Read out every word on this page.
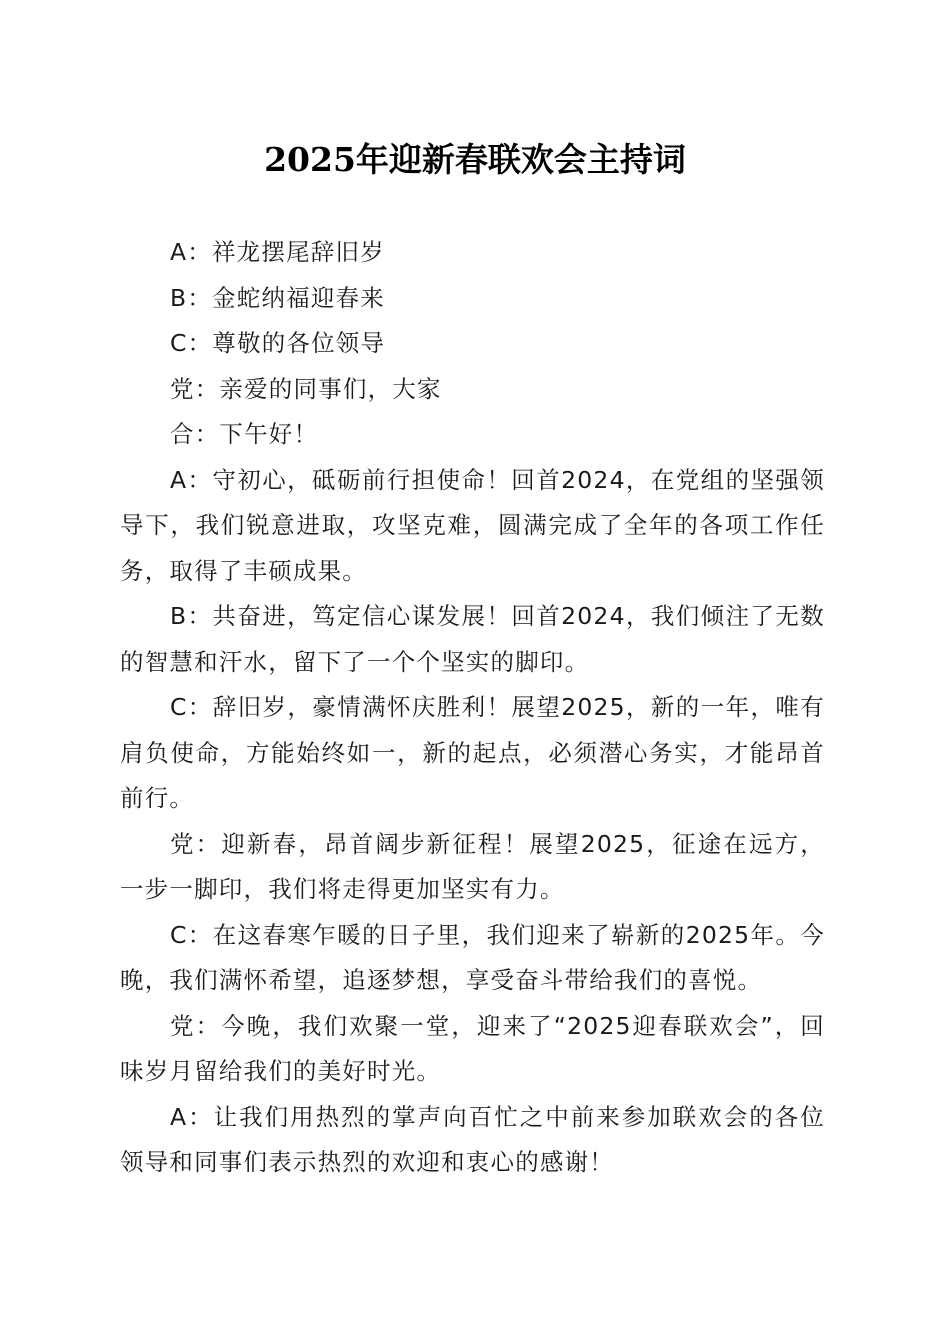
2025年迎新春联欢会主持词

A：祥龙摆尾辞旧岁

B：金蛇纳福迎春来

C：尊敬的各位领导

党：亲爱的同事们，大家

合：下午好！

A：守初心，砥砺前行担使命！回首2024，在党组的坚强领导下，我们锐意进取，攻坚克难，圆满完成了全年的各项工作任务，取得了丰硕成果。

B：共奋进，笃定信心谋发展！回首2024，我们倾注了无数的智慧和汗水，留下了一个个坚实的脚印。

C：辞旧岁，豪情满怀庆胜利！展望2025，新的一年，唯有肩负使命，方能始终如一，新的起点，必须潜心务实，才能昂首前行。

党：迎新春，昂首阔步新征程！展望2025，征途在远方，一步一脚印，我们将走得更加坚实有力。

C：在这春寒乍暖的日子里，我们迎来了崭新的2025年。今晚，我们满怀希望，追逐梦想，享受奋斗带给我们的喜悦。

党：今晚，我们欢聚一堂，迎来了“2025迎春联欢会”，回味岁月留给我们的美好时光。

A：让我们用热烈的掌声向百忙之中前来参加联欢会的各位领导和同事们表示热烈的欢迎和衷心的感谢！
